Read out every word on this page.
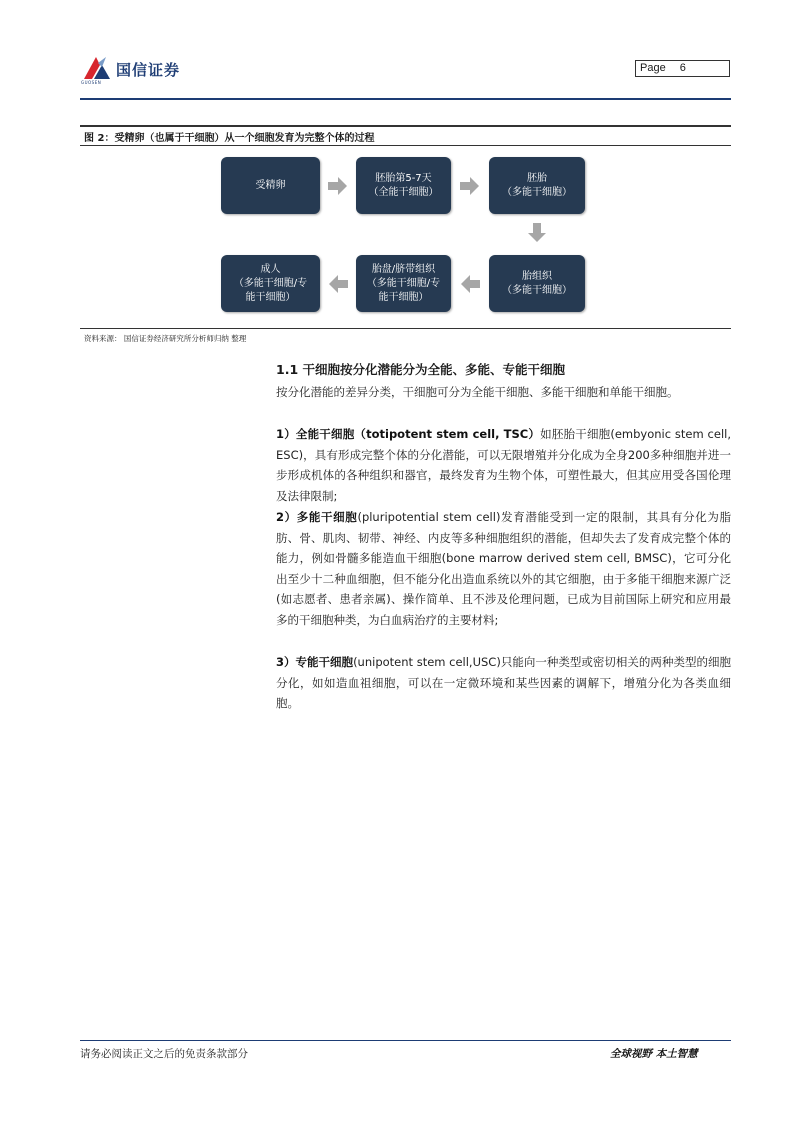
国信证券
GUOSEN
Page 6
图 2：受精卵（也属于干细胞）从一个细胞发育为完整个体的过程
受精卵
胚胎第5-7天
（全能干细胞）
胚胎
（多能干细胞）
成人
（多能干细胞/专
能干细胞）
胎盘/脐带组织
（多能干细胞/专
能干细胞）
胎组织
（多能干细胞）
资料来源： 国信证券经济研究所分析师归纳 整理
1.1 干细胞按分化潜能分为全能、多能、专能干细胞
按分化潜能的差异分类，干细胞可分为全能干细胞、多能干细胞和单能干细胞。
1）全能干细胞（totipotent stem cell, TSC）如胚胎干细胞(embyonic stem cell, ESC)，具有形成完整个体的分化潜能，可以无限增殖并分化成为全身200多种细胞并进一步形成机体的各种组织和器官，最终发育为生物个体，可塑性最大，但其应用受各国伦理及法律限制;
2）多能干细胞(pluripotential stem cell)发育潜能受到一定的限制，其具有分化为脂肪、骨、肌肉、韧带、神经、内皮等多种细胞组织的潜能，但却失去了发育成完整个体的能力，例如骨髓多能造血干细胞(bone marrow derived stem cell, BMSC)，它可分化出至少十二种血细胞，但不能分化出造血系统以外的其它细胞，由于多能干细胞来源广泛(如志愿者、患者亲属)、操作简单、且不涉及伦理问题，已成为目前国际上研究和应用最多的干细胞种类，为白血病治疗的主要材料;
3）专能干细胞(unipotent stem cell,USC)只能向一种类型或密切相关的两种类型的细胞分化，如如造血祖细胞，可以在一定微环境和某些因素的调解下，增殖分化为各类血细胞。
请务必阅读正文之后的免责条款部分	全球视野 本土智慧
